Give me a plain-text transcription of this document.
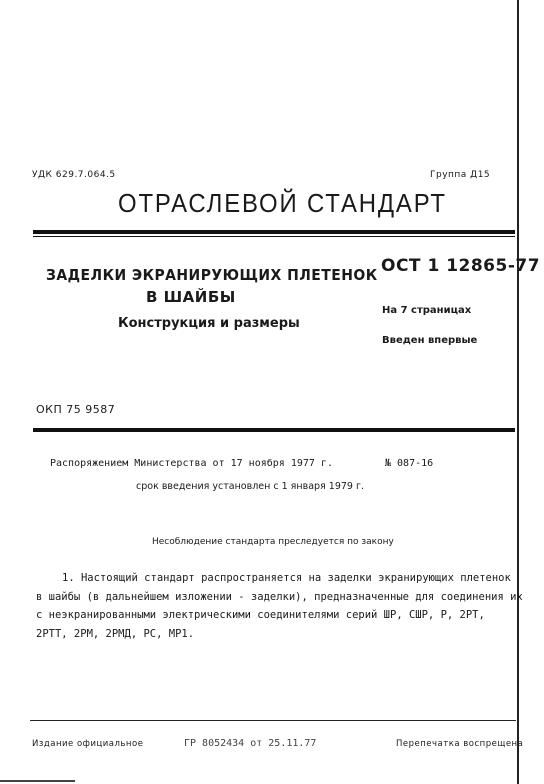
УДК 629.7.064.5	Группа Д15
ОТРАСЛЕВОЙ СТАНДАРТ
ЗАДЕЛКИ ЭКРАНИРУЮЩИХ ПЛЕТЕНОК
В ШАЙБЫ
Конструкция и размеры
ОСТ 1 12865-77
На 7 страницах
Введен впервые
ОКП 75 9587
Распоряжением Министерства от 17 ноября 1977 г.	№ 087-16
срок введения установлен с 1 января 1979 г.
Несоблюдение стандарта преследуется по закону
1. Настоящий стандарт распространяется на заделки экранирующих плетенок
в шайбы (в дальнейшем изложении - заделки), предназначенные для соединения их
с неэкранированными электрическими соединителями серий ШР, СШР, Р, 2РТ,
2РТТ, 2РМ, 2РМД, РС, МР1.
Издание официальное	ГР 8052434 от 25.11.77	Перепечатка воспрещена
